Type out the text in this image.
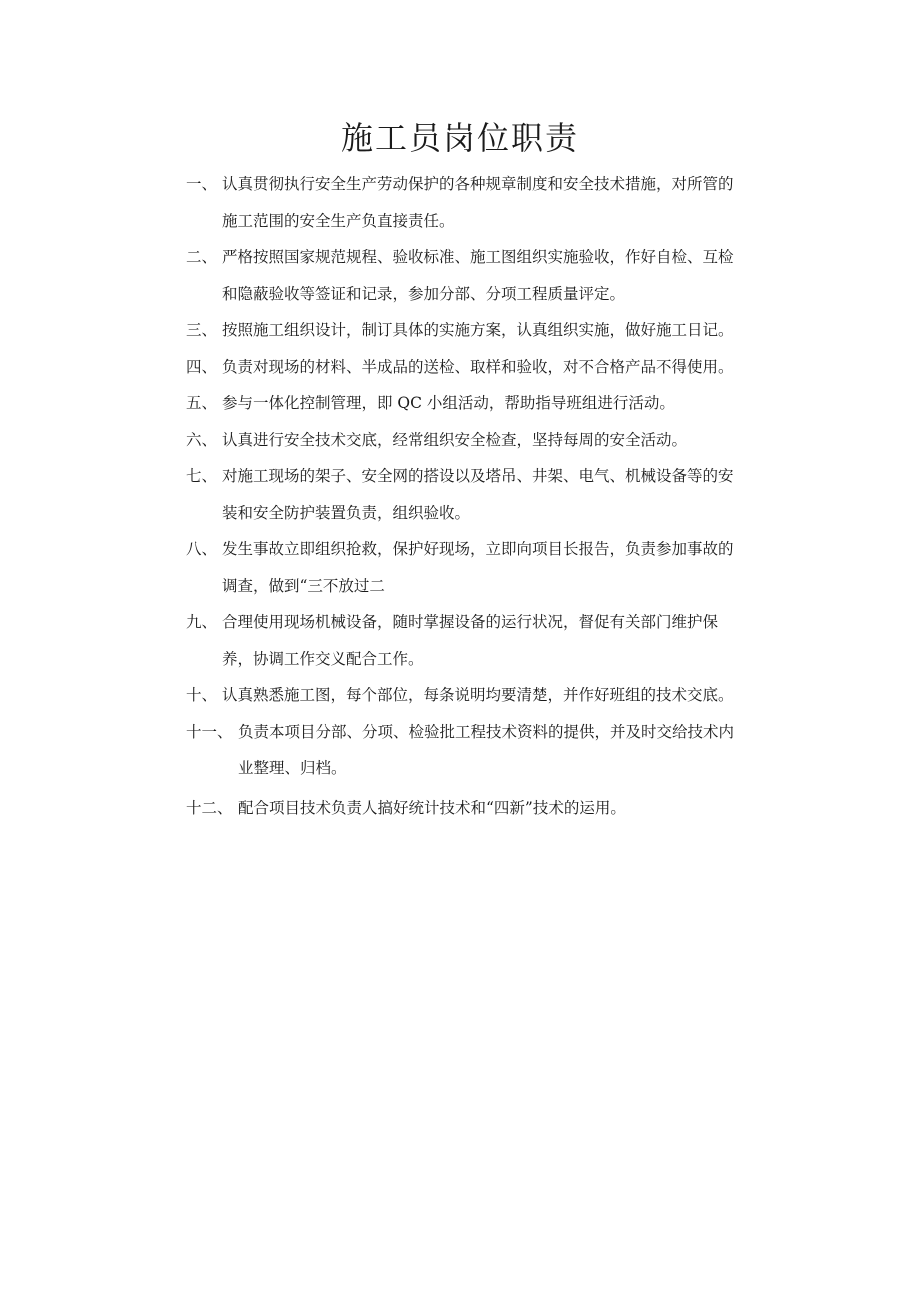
施工员岗位职责

一、 认真贯彻执行安全生产劳动保护的各种规章制度和安全技术措施，对所管的
施工范围的安全生产负直接责任。

二、 严格按照国家规范规程、验收标准、施工图组织实施验收，作好自检、互检
和隐蔽验收等签证和记录，参加分部、分项工程质量评定。

三、 按照施工组织设计，制订具体的实施方案，认真组织实施，做好施工日记。

四、 负责对现场的材料、半成品的送检、取样和验收，对不合格产品不得使用。

五、 参与一体化控制管理，即 QC 小组活动，帮助指导班组进行活动。

六、 认真进行安全技术交底，经常组织安全检查，坚持每周的安全活动。

七、 对施工现场的架子、安全网的搭设以及塔吊、井架、电气、机械设备等的安
装和安全防护装置负责，组织验收。

八、 发生事故立即组织抢救，保护好现场，立即向项目长报告，负责参加事故的
调查，做到“三不放过二

九、 合理使用现场机械设备，随时掌握设备的运行状况，督促有关部门维护保
养，协调工作交义配合工作。

十、 认真熟悉施工图，每个部位，每条说明均要清楚，并作好班组的技术交底。

十一、 负责本项目分部、分项、检验批工程技术资料的提供，并及时交给技术内
业整理、归档。

十二、 配合项目技术负责人搞好统计技术和“四新”技术的运用。
